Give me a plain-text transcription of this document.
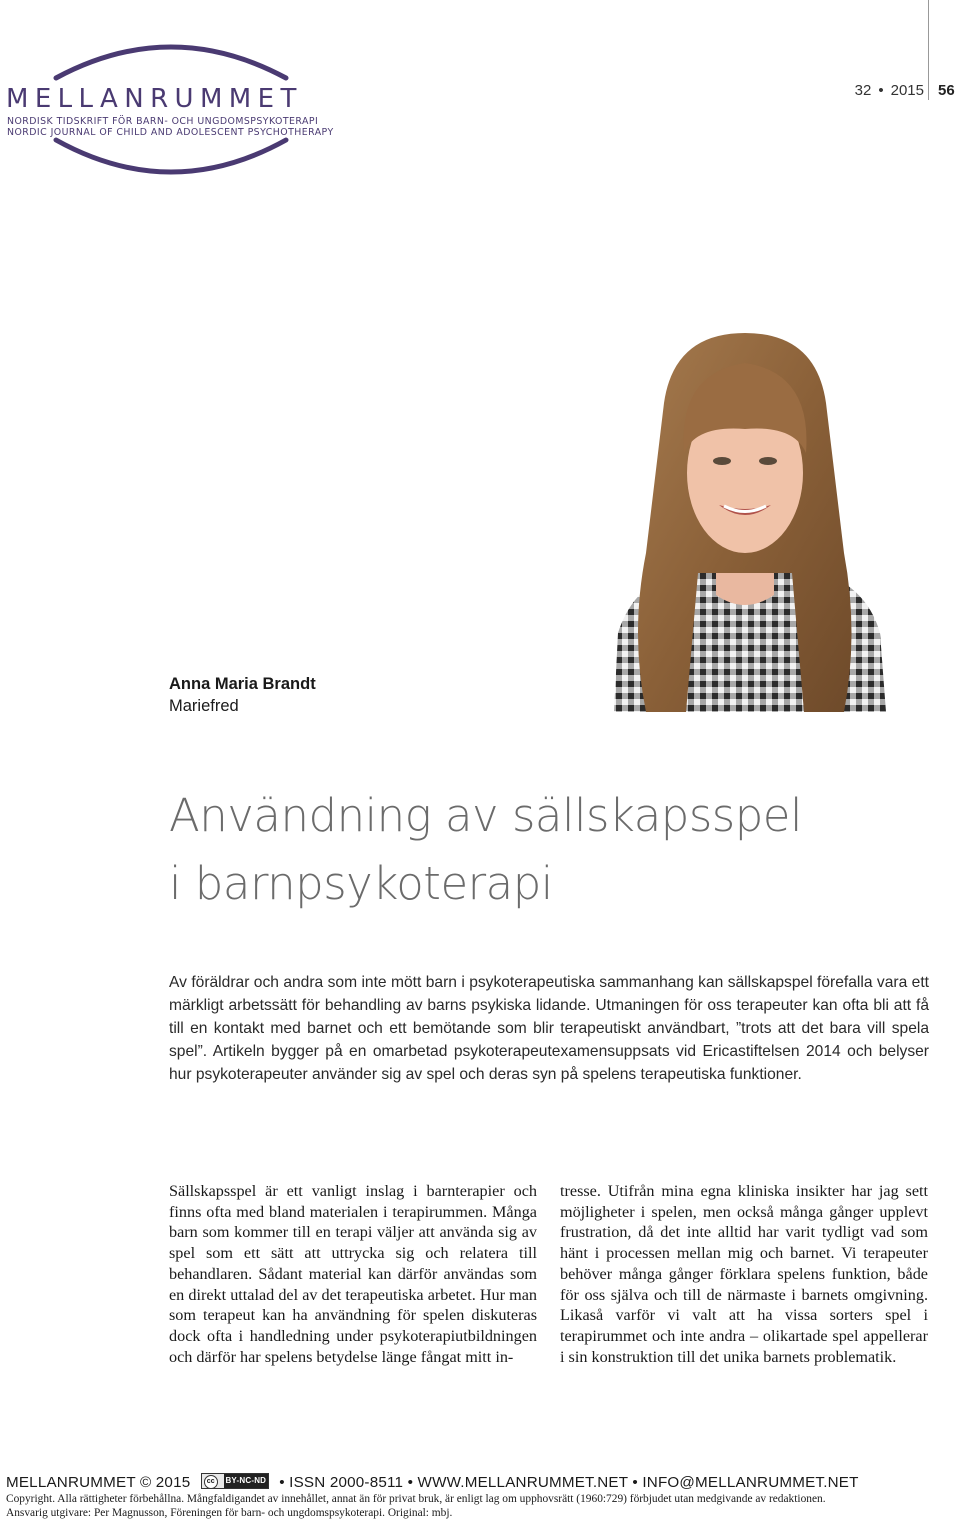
MELLANRUMMET
NORDISK TIDSKRIFT FÖR BARN- OCH UNGDOMSPSYKOTERAPI
NORDIC JOURNAL OF CHILD AND ADOLESCENT PSYCHOTHERAPY
32 • 2015 56
Anna Maria Brandt
Mariefred
Användning av sällskapsspel
i barnpsykoterapi

Av föräldrar och andra som inte mött barn i psykoterapeutiska sammanhang kan sällskapspel förefalla vara ett märkligt arbetssätt för behandling av barns psykiska lidande. Utmaningen för oss terapeuter kan ofta bli att få till en kontakt med barnet och ett bemötande som blir terapeutiskt användbart, ”trots att det bara vill spela spel”. Artikeln bygger på en omarbetad psykoterapeutexamensuppsats vid Ericastiftelsen 2014 och belyser hur psykoterapeuter använder sig av spel och deras syn på spelens terapeutiska funktioner.

Sällskapsspel är ett vanligt inslag i barnterapier och finns ofta med bland materialen i terapirummen. Många barn som kommer till en terapi väljer att använda sig av spel som ett sätt att uttrycka sig och relatera till behandlaren. Sådant material kan därför användas som en direkt uttalad del av det terapeutiska arbetet. Hur man som terapeut kan ha användning för spelen diskuteras dock ofta i handledning under psykoterapiutbildningen och därför har spelens betydelse länge fångat mitt in-

tresse. Utifrån mina egna kliniska insikter har jag sett möjligheter i spelen, men också många gånger upplevt frustration, då det inte alltid har varit tydligt vad som hänt i processen mellan mig och barnet. Vi terapeuter behöver många gånger förklara spelens funktion, både för oss själva och till de närmaste i barnets omgivning. Likaså varför vi valt att ha vissa sorters spel i terapirummet och inte andra – olikartade spel appellerar i sin konstruktion till det unika barnets problematik.

MELLANRUMMET © 2015	cc	BY-NC-ND • ISSN 2000-8511 • WWW.MELLANRUMMET.NET • INFO@MELLANRUMMET.NET
Copyright. Alla rättigheter förbehållna. Mångfaldigandet av innehållet, annat än för privat bruk, är enligt lag om upphovsrätt (1960:729) förbjudet utan medgivande av redaktionen.
Ansvarig utgivare: Per Magnusson, Föreningen för barn- och ungdomspsykoterapi. Original: mbj.
